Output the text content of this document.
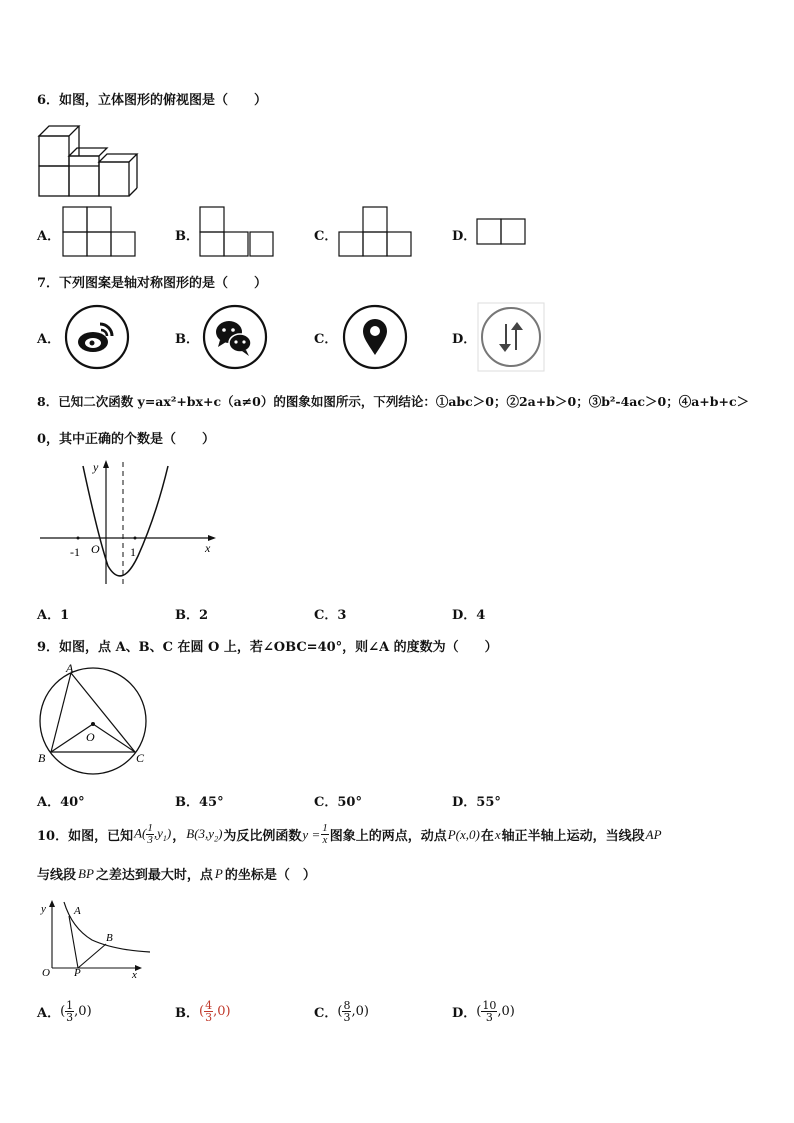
6．如图，立体图形的俯视图是（　　）
A．	B．	C．	D．
7．下列图案是轴对称图形的是（　　）
A．	B．	C．	D．
8．已知二次函数 y=ax²+bx+c（a≠0）的图象如图所示，下列结论：①abc＞0；②2a+b＞0；③b²-4ac＞0；④a+b+c＞
0，其中正确的个数是（　　）
y
x
O
-1	1
A．1	B．2	C．3	D．4
9．如图，点 A、B、C 在圆 O 上，若∠OBC=40°，则∠A 的度数为（　　）
A
B	C
O
A．40°	B．45°	C．50°	D．55°
10．如图，已知 $A( \frac{1}{3} ,y_1)$ ， $B(3,y_2)$ 为反比例函数 $y = \frac{1}{x}$ 图象上的两点，动点 P(x,0) 在 x 轴正半轴上运动，当线段 AP
与线段 BP 之差达到最大时，点 P 的坐标是（　）
y	A
B
O P	x
A． ( $\frac{1}{3} ,0$)	B． ( $\frac{4}{3} ,0$)	C． ( $\frac{8}{3} ,0$)	D． ( $\frac{10}{3} ,0$)
